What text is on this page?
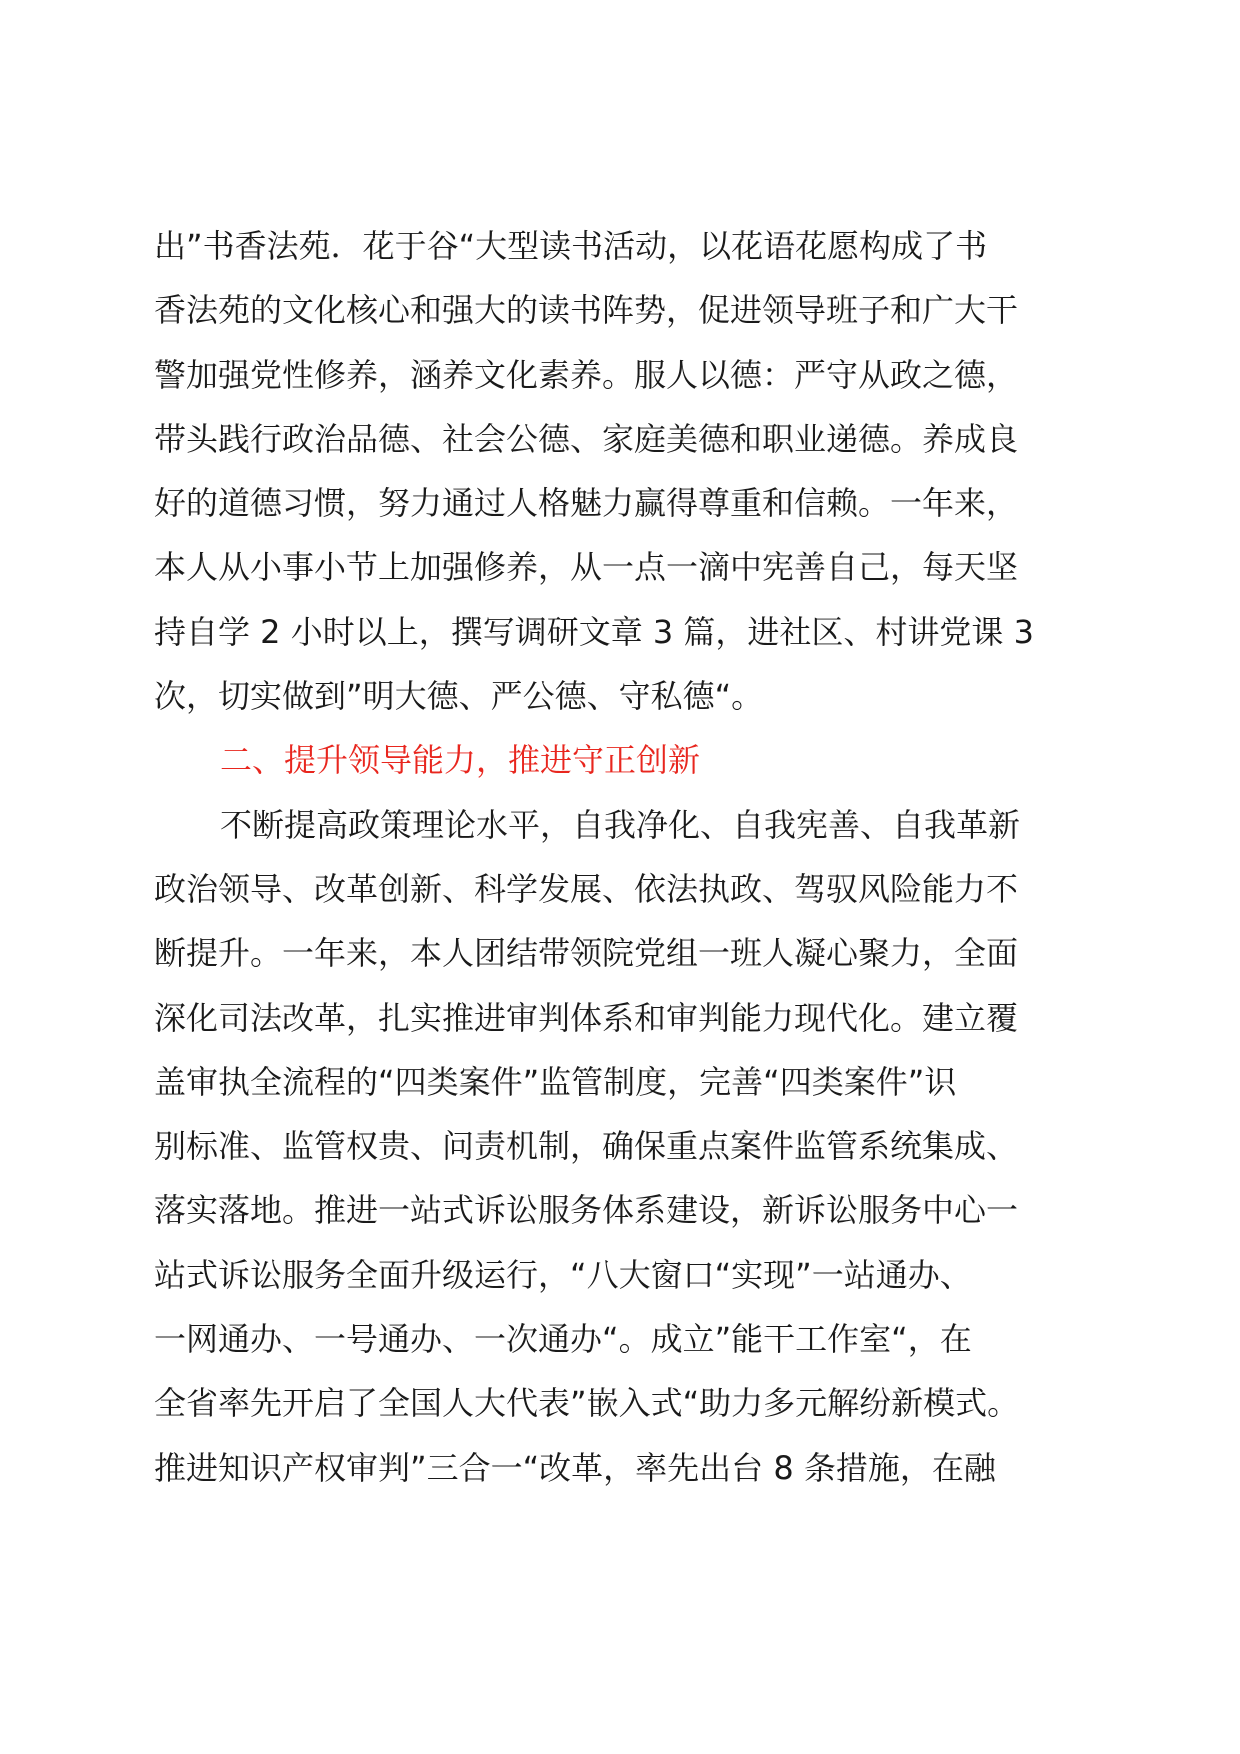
出”书香法苑．花于谷“大型读书活动，以花语花愿构成了书
香法苑的文化核心和强大的读书阵势，促进领导班子和广大干
警加强党性修养，涵养文化素养。服人以德：严守从政之德，
带头践行政治品德、社会公德、家庭美德和职业递德。养成良
好的道德习惯，努力通过人格魅力赢得尊重和信赖。一年来，
本人从小事小节上加强修养，从一点一滴中宪善自己，每天坚
持自学 2 小时以上，撰写调研文章 3 篇，进社区、村讲党课 3
次，切实做到”明大德、严公德、守私德“。
二、提升领导能力，推进守正创新
不断提高政策理论水平，自我净化、自我宪善、自我革新
政治领导、改革创新、科学发展、依法执政、驾驭风险能力不
断提升。一年来，本人团结带领院党组一班人凝心聚力，全面
深化司法改革，扎实推进审判体系和审判能力现代化。建立覆
盖审执全流程的“四类案件”监管制度，完善“四类案件”识
别标准、监管权贵、问责机制，确保重点案件监管系统集成、
落实落地。推进一站式诉讼服务体系建设，新诉讼服务中心一
站式诉讼服务全面升级运行，“八大窗口“实现”一站通办、
一网通办、一号通办、一次通办“。成立”能干工作室“，在
全省率先开启了全国人大代表”嵌入式“助力多元解纷新模式。
推进知识产权审判”三合一“改革，率先出台 8 条措施，在融
